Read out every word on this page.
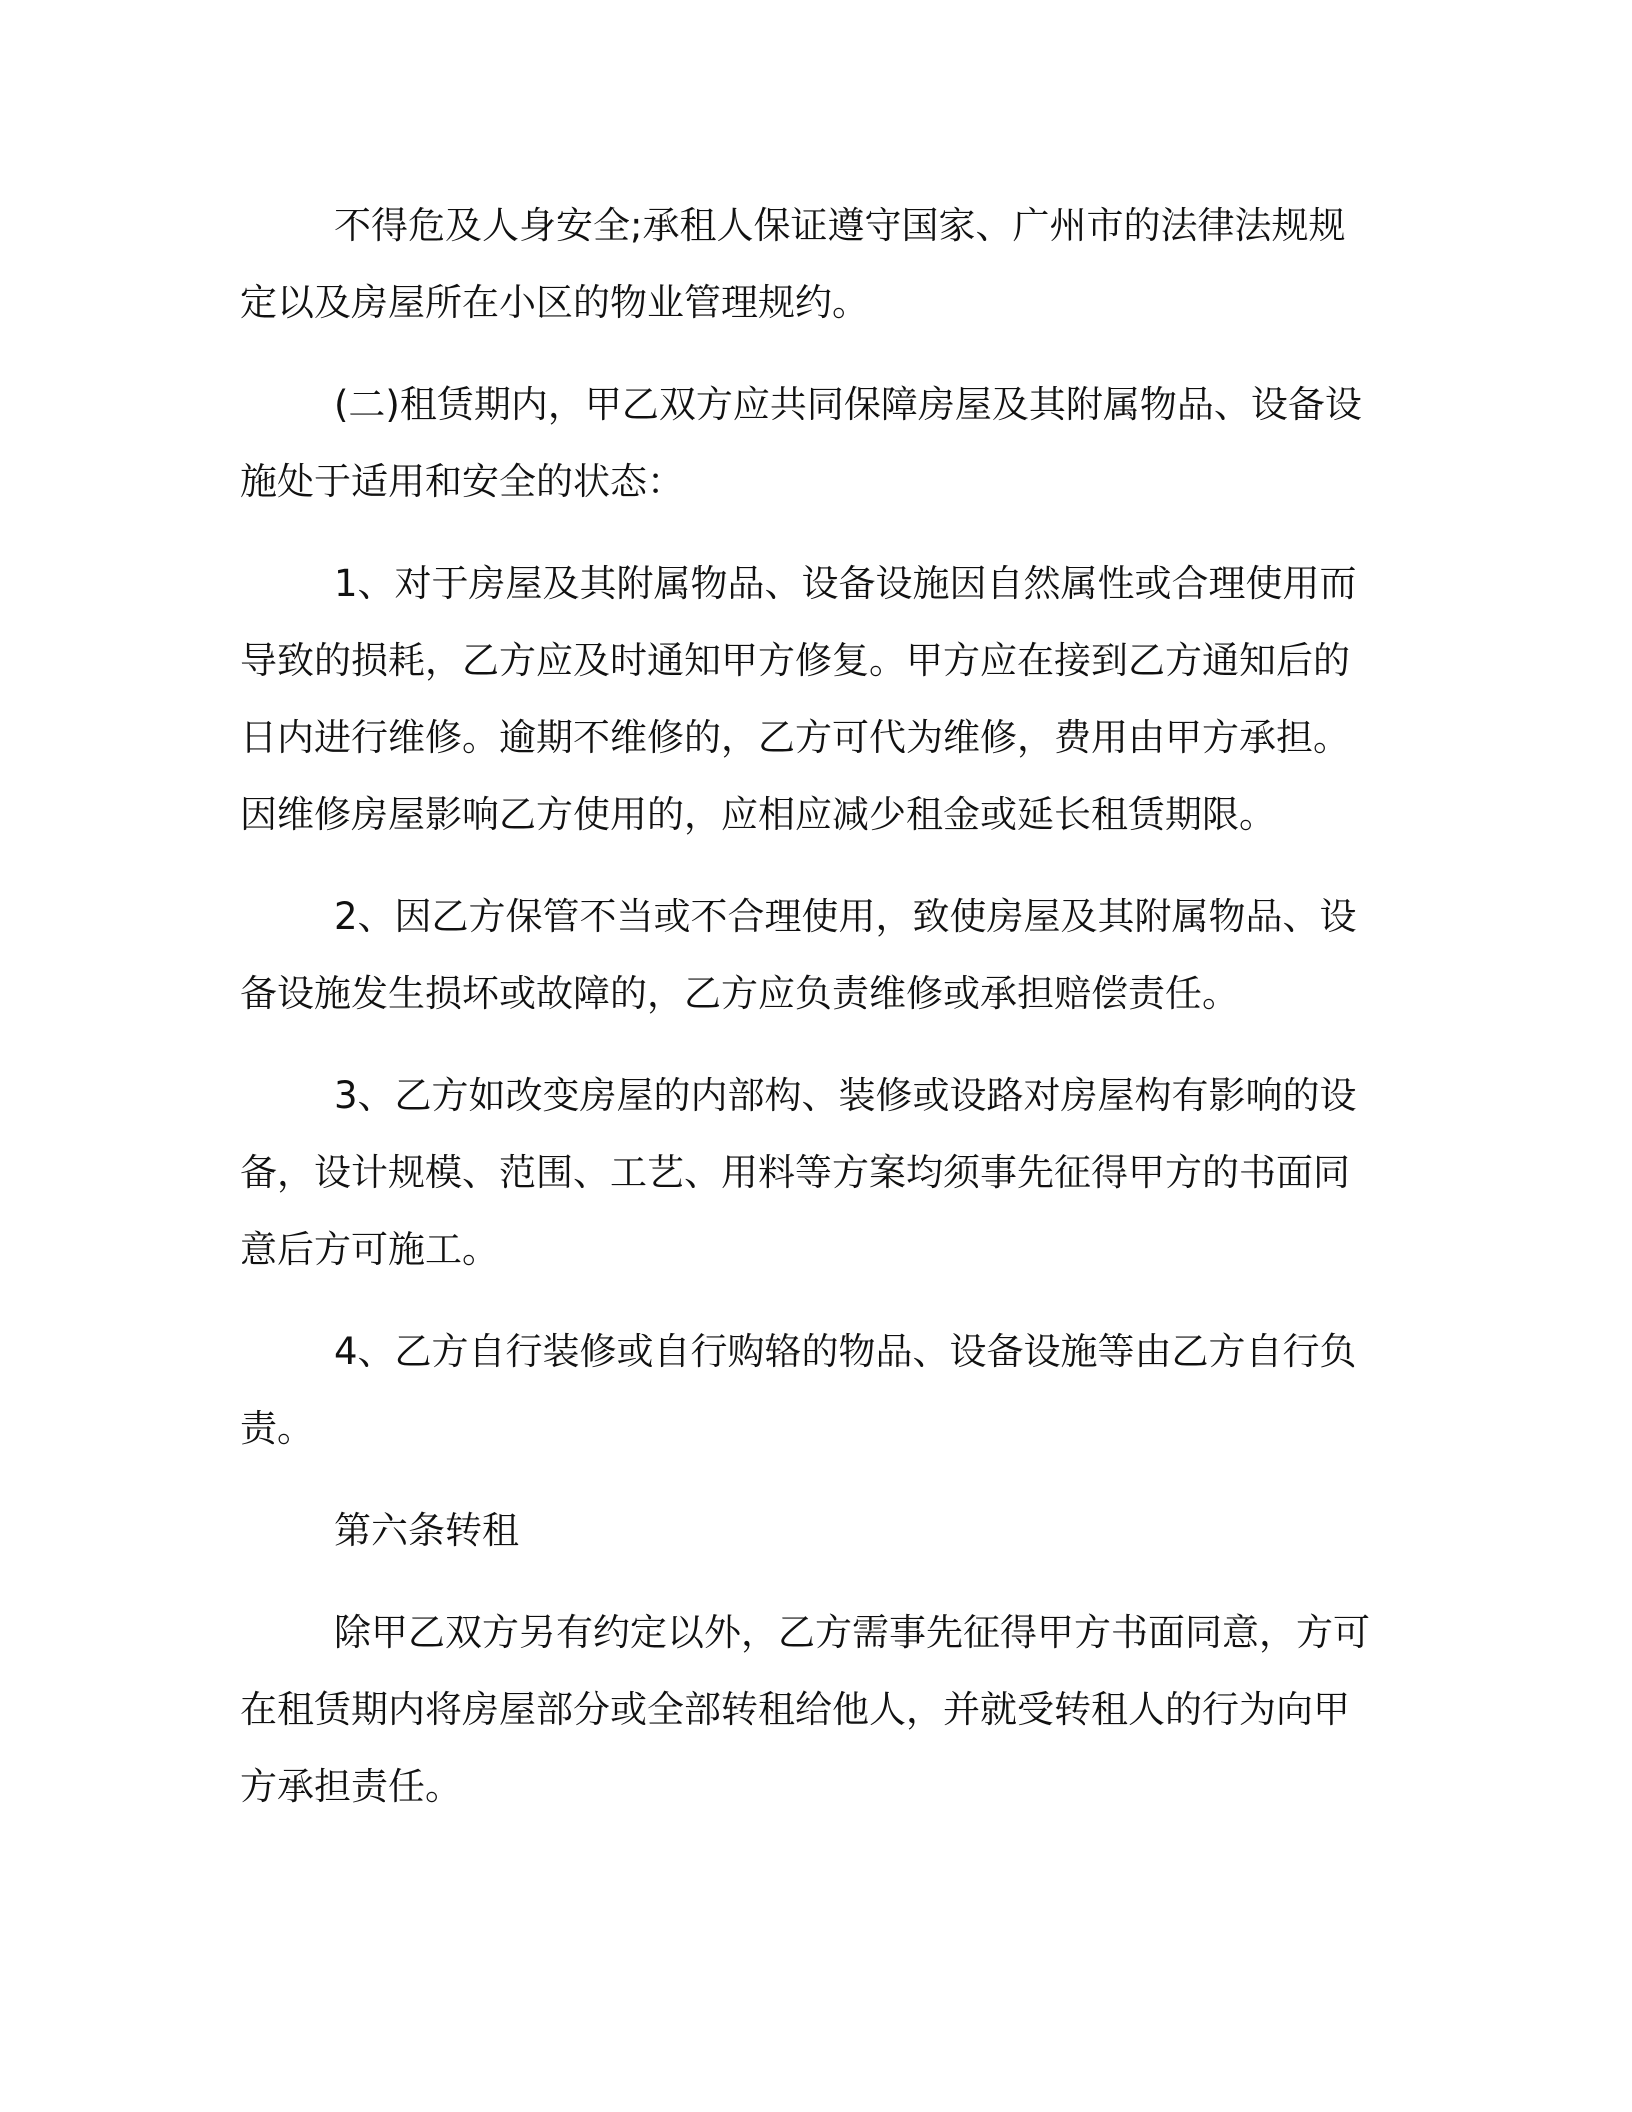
不得危及人身安全;承租人保证遵守国家、广州市的法律法规规
定以及房屋所在小区的物业管理规约。

(二)租赁期内，甲乙双方应共同保障房屋及其附属物品、设备设
施处于适用和安全的状态：

1、对于房屋及其附属物品、设备设施因自然属性或合理使用而
导致的损耗，乙方应及时通知甲方修复。甲方应在接到乙方通知后的
日内进行维修。逾期不维修的，乙方可代为维修，费用由甲方承担。
因维修房屋影响乙方使用的，应相应减少租金或延长租赁期限。

2、因乙方保管不当或不合理使用，致使房屋及其附属物品、设
备设施发生损坏或故障的，乙方应负责维修或承担赔偿责任。

3、乙方如改变房屋的内部构、装修或设路对房屋构有影响的设
备，设计规模、范围、工艺、用料等方案均须事先征得甲方的书面同
意后方可施工。

4、乙方自行装修或自行购辂的物品、设备设施等由乙方自行负
责。

第六条转租

除甲乙双方另有约定以外，乙方需事先征得甲方书面同意，方可
在租赁期内将房屋部分或全部转租给他人，并就受转租人的行为向甲
方承担责任。
